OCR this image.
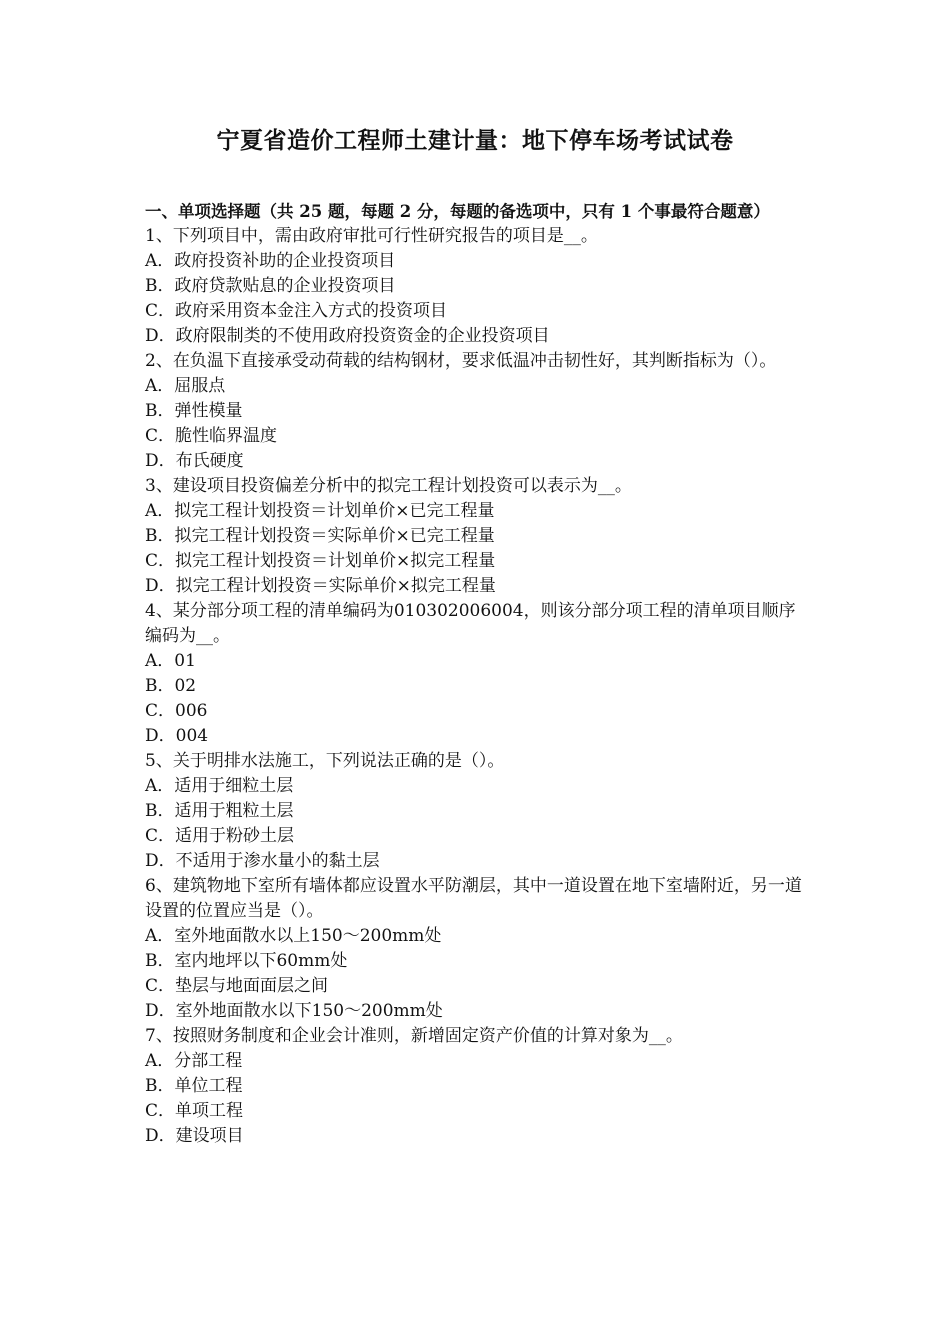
宁夏省造价工程师土建计量：地下停车场考试试卷
一、单项选择题（共 25 题，每题 2 分，每题的备选项中，只有 1 个事最符合题意）
1、下列项目中，需由政府审批可行性研究报告的项目是__。
A．政府投资补助的企业投资项目
B．政府贷款贴息的企业投资项目
C．政府采用资本金注入方式的投资项目
D．政府限制类的不使用政府投资资金的企业投资项目
2、在负温下直接承受动荷载的结构钢材，要求低温冲击韧性好，其判断指标为（）。
A．屈服点
B．弹性模量
C．脆性临界温度
D．布氏硬度
3、建设项目投资偏差分析中的拟完工程计划投资可以表示为__。
A．拟完工程计划投资＝计划单价×已完工程量
B．拟完工程计划投资＝实际单价×已完工程量
C．拟完工程计划投资＝计划单价×拟完工程量
D．拟完工程计划投资＝实际单价×拟完工程量
4、某分部分项工程的清单编码为010302006004，则该分部分项工程的清单项目顺序编码为__。
A．01
B．02
C．006
D．004
5、关于明排水法施工，下列说法正确的是（）。
A．适用于细粒土层
B．适用于粗粒土层
C．适用于粉砂土层
D．不适用于渗水量小的黏土层
6、建筑物地下室所有墙体都应设置水平防潮层，其中一道设置在地下室墙附近，另一道设置的位置应当是（）。
A．室外地面散水以上150～200mm处
B．室内地坪以下60mm处
C．垫层与地面面层之间
D．室外地面散水以下150～200mm处
7、按照财务制度和企业会计准则，新增固定资产价值的计算对象为__。
A．分部工程
B．单位工程
C．单项工程
D．建设项目
